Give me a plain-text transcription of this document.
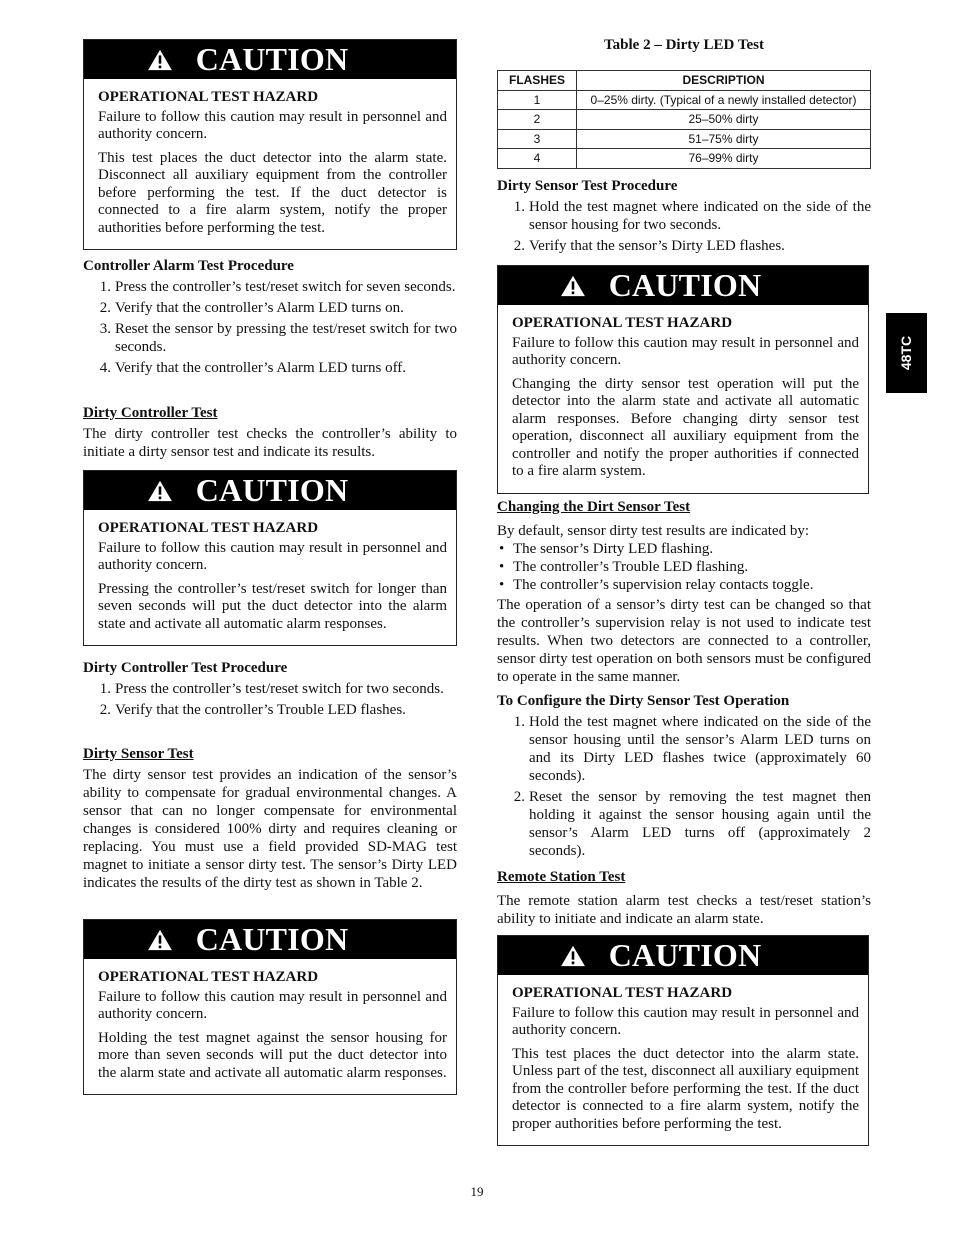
CAUTION
OPERATIONAL TEST HAZARD

Failure to follow this caution may result in personnel and authority concern.

This test places the duct detector into the alarm state. Disconnect all auxiliary equipment from the controller before performing the test. If the duct detector is connected to a fire alarm system, notify the proper authorities before performing the test.

Controller Alarm Test Procedure
1. Press the controller’s test/reset switch for seven seconds.
2. Verify that the controller’s Alarm LED turns on.
3. Reset the sensor by pressing the test/reset switch for two seconds.
4. Verify that the controller’s Alarm LED turns off.
Dirty Controller Test

The dirty controller test checks the controller’s ability to initiate a dirty sensor test and indicate its results.

CAUTION
OPERATIONAL TEST HAZARD

Failure to follow this caution may result in personnel and authority concern.

Pressing the controller’s test/reset switch for longer than seven seconds will put the duct detector into the alarm state and activate all automatic alarm responses.

Dirty Controller Test Procedure
1. Press the controller’s test/reset switch for two seconds.
2. Verify that the controller’s Trouble LED flashes.
Dirty Sensor Test

The dirty sensor test provides an indication of the sensor’s ability to compensate for gradual environmental changes. A sensor that can no longer compensate for environmental changes is considered 100% dirty and requires cleaning or replacing. You must use a field provided SD-MAG test magnet to initiate a sensor dirty test. The sensor’s Dirty LED indicates the results of the dirty test as shown in Table 2.

CAUTION
OPERATIONAL TEST HAZARD

Failure to follow this caution may result in personnel and authority concern.

Holding the test magnet against the sensor housing for more than seven seconds will put the duct detector into the alarm state and activate all automatic alarm responses.

Table 2 – Dirty LED Test
FLASHES	DESCRIPTION
1	0–25% dirty. (Typical of a newly installed detector)
2	25–50% dirty
3	51–75% dirty
4	76–99% dirty
Dirty Sensor Test Procedure
1. Hold the test magnet where indicated on the side of the sensor housing for two seconds.
2. Verify that the sensor’s Dirty LED flashes.
CAUTION
OPERATIONAL TEST HAZARD

Failure to follow this caution may result in personnel and authority concern.

Changing the dirty sensor test operation will put the detector into the alarm state and activate all automatic alarm responses. Before changing dirty sensor test operation, disconnect all auxiliary equipment from the controller and notify the proper authorities if connected to a fire alarm system.

Changing the Dirt Sensor Test

By default, sensor dirty test results are indicated by:

• The sensor’s Dirty LED flashing.
• The controller’s Trouble LED flashing.
• The controller’s supervision relay contacts toggle.

The operation of a sensor’s dirty test can be changed so that the controller’s supervision relay is not used to indicate test results. When two detectors are connected to a controller, sensor dirty test operation on both sensors must be configured to operate in the same manner.

To Configure the Dirty Sensor Test Operation
1. Hold the test magnet where indicated on the side of the sensor housing until the sensor’s Alarm LED turns on and its Dirty LED flashes twice (approximately 60 seconds).
2. Reset the sensor by removing the test magnet then holding it against the sensor housing again until the sensor’s Alarm LED turns off (approximately 2 seconds).
Remote Station Test

The remote station alarm test checks a test/reset station’s ability to initiate and indicate an alarm state.

CAUTION
OPERATIONAL TEST HAZARD

Failure to follow this caution may result in personnel and authority concern.

This test places the duct detector into the alarm state. Unless part of the test, disconnect all auxiliary equipment from the controller before performing the test. If the duct detector is connected to a fire alarm system, notify the proper authorities before performing the test.

48TC
19
